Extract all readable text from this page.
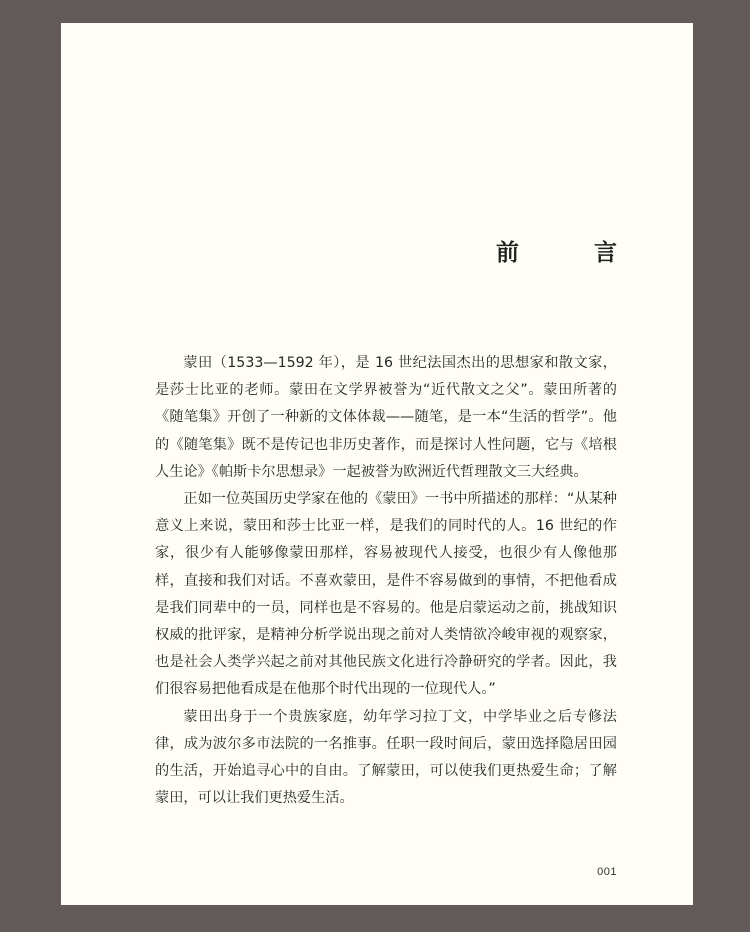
前　言

蒙田（1533—1592 年），是 16 世纪法国杰出的思想家和散文家，是莎士比亚的老师。蒙田在文学界被誉为“近代散文之父”。蒙田所著的《随笔集》开创了一种新的文体体裁——随笔，是一本“生活的哲学”。他的《随笔集》既不是传记也非历史著作，而是探讨人性问题，它与《培根人生论》《帕斯卡尔思想录》一起被誉为欧洲近代哲理散文三大经典。

正如一位英国历史学家在他的《蒙田》一书中所描述的那样：“从某种意义上来说，蒙田和莎士比亚一样，是我们的同时代的人。16 世纪的作家，很少有人能够像蒙田那样，容易被现代人接受，也很少有人像他那样，直接和我们对话。不喜欢蒙田，是件不容易做到的事情，不把他看成是我们同辈中的一员，同样也是不容易的。他是启蒙运动之前，挑战知识权威的批评家，是精神分析学说出现之前对人类情欲冷峻审视的观察家，也是社会人类学兴起之前对其他民族文化进行冷静研究的学者。因此，我们很容易把他看成是在他那个时代出现的一位现代人。”

蒙田出身于一个贵族家庭，幼年学习拉丁文，中学毕业之后专修法律，成为波尔多市法院的一名推事。任职一段时间后，蒙田选择隐居田园的生活，开始追寻心中的自由。了解蒙田，可以使我们更热爱生命；了解蒙田，可以让我们更热爱生活。

001
